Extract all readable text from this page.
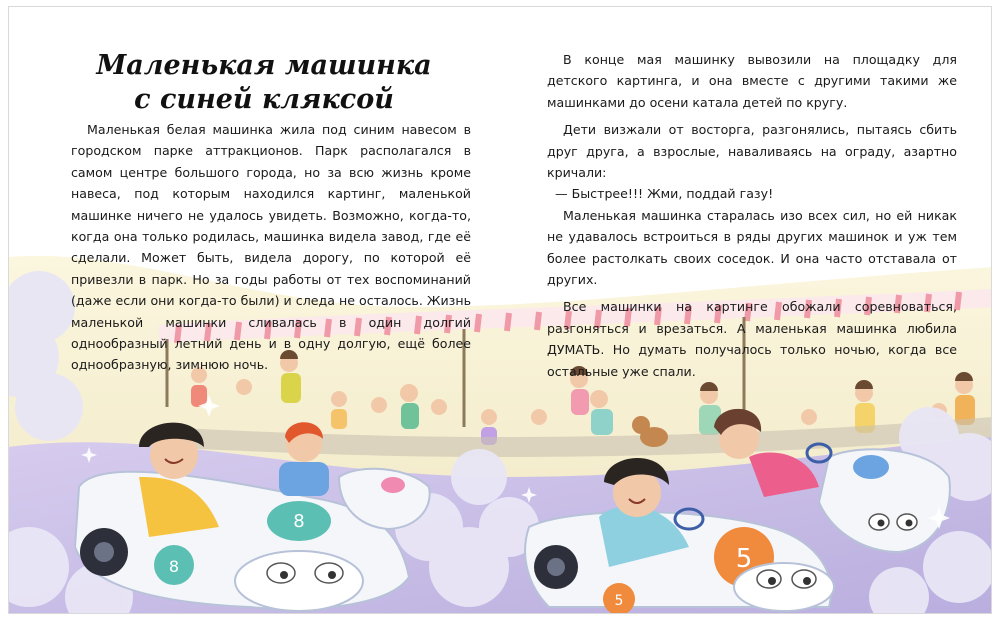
8
8	5
5
Маленькая машинка
с синей кляксой

Маленькая белая машинка жила под синим навесом в городском парке аттракционов. Парк располагался в самом центре большого города, но за всю жизнь кроме навеса, под которым находился картинг, маленькой машинке ничего не удалось увидеть. Возможно, когда-то, когда она только родилась, машинка видела завод, где её сделали. Может быть, видела дорогу, по которой её привезли в парк. Но за годы работы от тех воспоминаний (даже если они когда-то были) и следа не осталось. Жизнь маленькой машинки сливалась в один долгий однообразный летний день и в одну долгую, ещё более однообразную, зимнюю ночь.

В конце мая машинку вывозили на площадку для детского картинга, и она вместе с другими такими же машинками до осени катала детей по кругу.

Дети визжали от восторга, разгонялись, пытаясь сбить друг друга, а взрослые, наваливаясь на ограду, азартно кричали:

— Быстрее!!! Жми, поддай газу!

Маленькая машинка старалась изо всех сил, но ей никак не удавалось встроиться в ряды других машинок и уж тем более растолкать своих соседок. И она часто отставала от других.

Все машинки на картинге обожали соревноваться, разгоняться и врезаться. А маленькая машинка любила ДУМАТЬ. Но думать получалось только ночью, когда все остальные уже спали.
